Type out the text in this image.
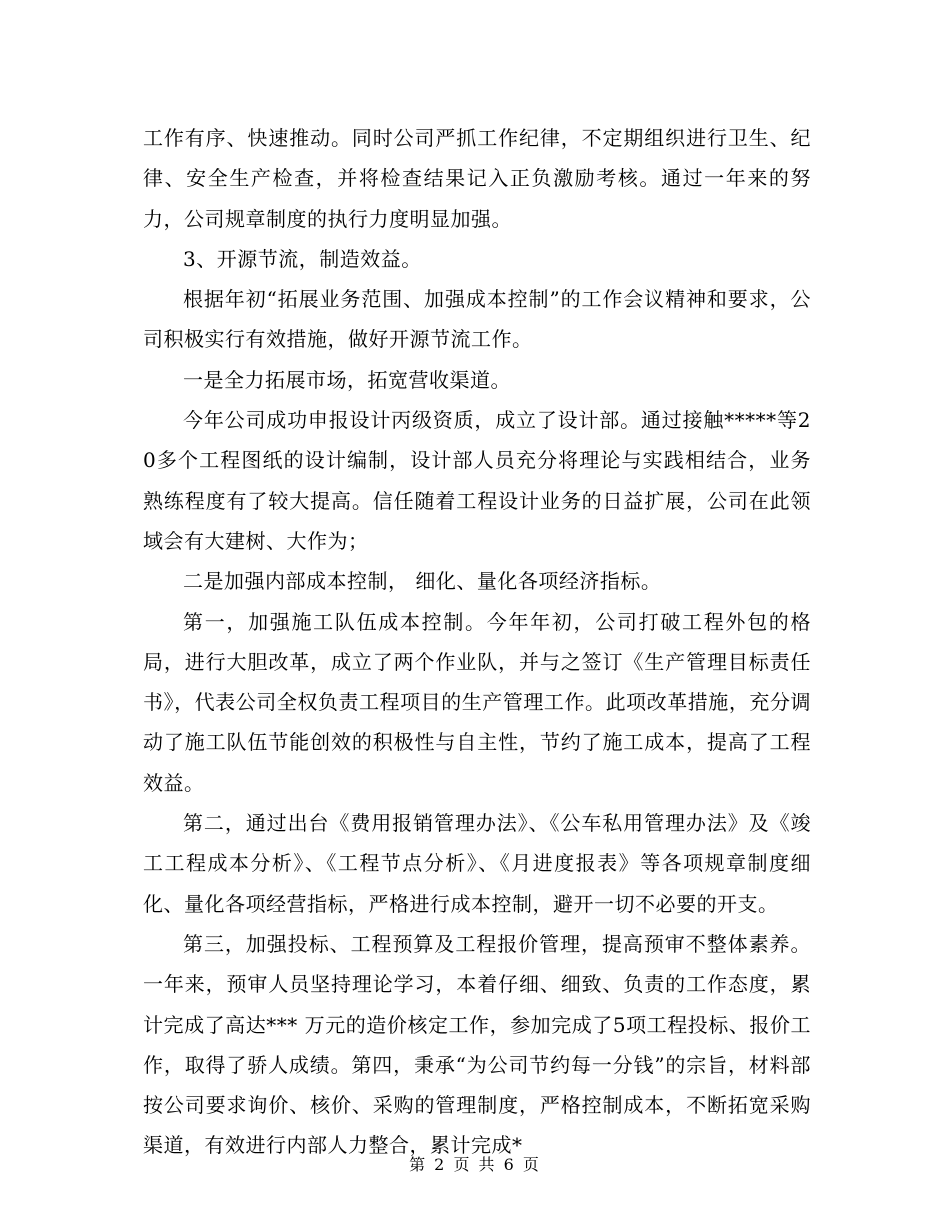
工作有序、快速推动。同时公司严抓工作纪律，不定期组织进行卫生、纪律、安全生产检查，并将检查结果记入正负激励考核。通过一年来的努力，公司规章制度的执行力度明显加强。

3、开源节流，制造效益。

根据年初“拓展业务范围、加强成本控制”的工作会议精神和要求，公司积极实行有效措施，做好开源节流工作。

一是全力拓展市场，拓宽营收渠道。

今年公司成功申报设计丙级资质，成立了设计部。通过接触*****等20多个工程图纸的设计编制，设计部人员充分将理论与实践相结合，业务熟练程度有了较大提高。信任随着工程设计业务的日益扩展，公司在此领域会有大建树、大作为；

二是加强内部成本控制， 细化、量化各项经济指标。

第一，加强施工队伍成本控制。今年年初，公司打破工程外包的格局，进行大胆改革，成立了两个作业队，并与之签订《生产管理目标责任书》，代表公司全权负责工程项目的生产管理工作。此项改革措施，充分调动了施工队伍节能创效的积极性与自主性，节约了施工成本，提高了工程效益。

第二，通过出台《费用报销管理办法》、《公车私用管理办法》及《竣工工程成本分析》、《工程节点分析》、《月进度报表》等各项规章制度细化、量化各项经营指标，严格进行成本控制，避开一切不必要的开支。

第三，加强投标、工程预算及工程报价管理，提高预审不整体素养。一年来，预审人员坚持理论学习，本着仔细、细致、负责的工作态度，累计完成了高达*** 万元的造价核定工作，参加完成了5项工程投标、报价工作，取得了骄人成绩。第四，秉承“为公司节约每一分钱”的宗旨，材料部按公司要求询价、核价、采购的管理制度，严格控制成本，不断拓宽采购渠道，有效进行内部人力整合，累计完成*

第 2 页 共 6 页
